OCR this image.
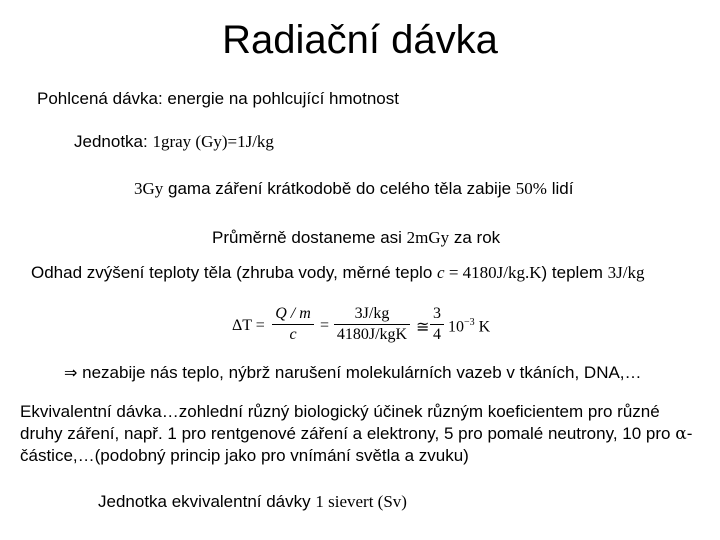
Radiační dávka
Pohlcená dávka: energie na pohlcující hmotnost
Jednotka: 1gray (Gy)=1J/kg
3Gy gama záření krátkodobě do celého těla zabije 50% lidí
Průměrně dostaneme asi 2mGy za rok
Odhad zvýšení teploty těla (zhruba vody, měrné teplo c = 4180J/kg.K) teplem 3J/kg
ΔT =
Q / m
c
=
3J/kg
4180J/kgK ≅
3
4 $10^{-3}$ K
⇒ nezabije nás teplo, nýbrž narušení molekulárních vazeb v tkáních, DNA,…
Ekvivalentní dávka…zohlední různý biologický účinek různým koeficientem pro různé druhy záření, např. 1 pro rentgenové záření a elektrony, 5 pro pomalé neutrony, 10 pro α-částice,…(podobný princip jako pro vnímání světla a zvuku)
Jednotka ekvivalentní dávky 1 sievert (Sv)
